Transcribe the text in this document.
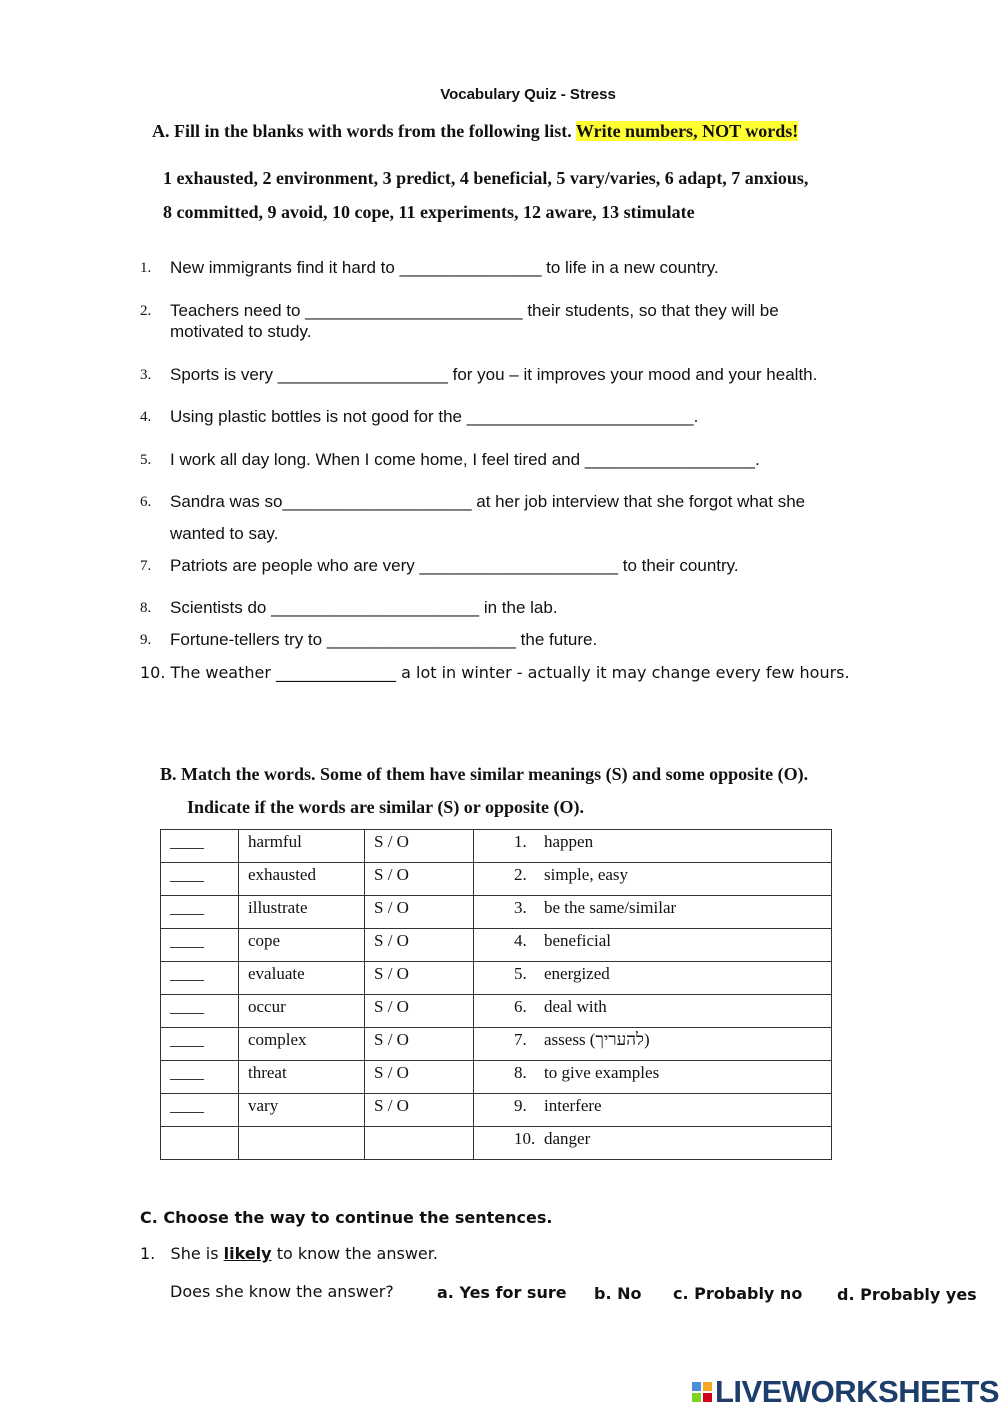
Vocabulary Quiz - Stress
A. Fill in the blanks with words from the following list. Write numbers, NOT words!
1 exhausted, 2 environment, 3 predict, 4 beneficial, 5 vary/varies, 6 adapt, 7 anxious,
8 committed, 9 avoid, 10 cope, 11 experiments, 12 aware, 13 stimulate
1. New immigrants find it hard to _______________ to life in a new country.
2. Teachers need to _______________________ their students, so that they will be
motivated to study.
3. Sports is very __________________ for you – it improves your mood and your health.
4. Using plastic bottles is not good for the ________________________.
5. I work all day long. When I come home, I feel tired and __________________.
6. Sandra was so____________________ at her job interview that she forgot what she
wanted to say.
7. Patriots are people who are very _____________________ to their country.
8. Scientists do ______________________ in the lab.
9. Fortune-tellers try to ____________________ the future.
10. The weather _______________ a lot in winter - actually it may change every few hours.
B. Match the words. Some of them have similar meanings (S) and some opposite (O).
Indicate if the words are similar (S) or opposite (O).
____	harmful	S / O	1. happen
____	exhausted	S / O	2. simple, easy
____	illustrate	S / O	3. be the same/similar
____	cope	S / O	4. beneficial
____	evaluate	S / O	5. energized
____	occur	S / O	6. deal with
____	complex	S / O	7. assess (להעריך)
____	threat	S / O	8. to give examples
____	vary	S / O	9. interfere
			10. danger
C. Choose the way to continue the sentences.
1. She is likely to know the answer.
Does she know the answer?	a. Yes for sure b. No c. Probably no d. Probably yes
LIVEWORKSHEETS
